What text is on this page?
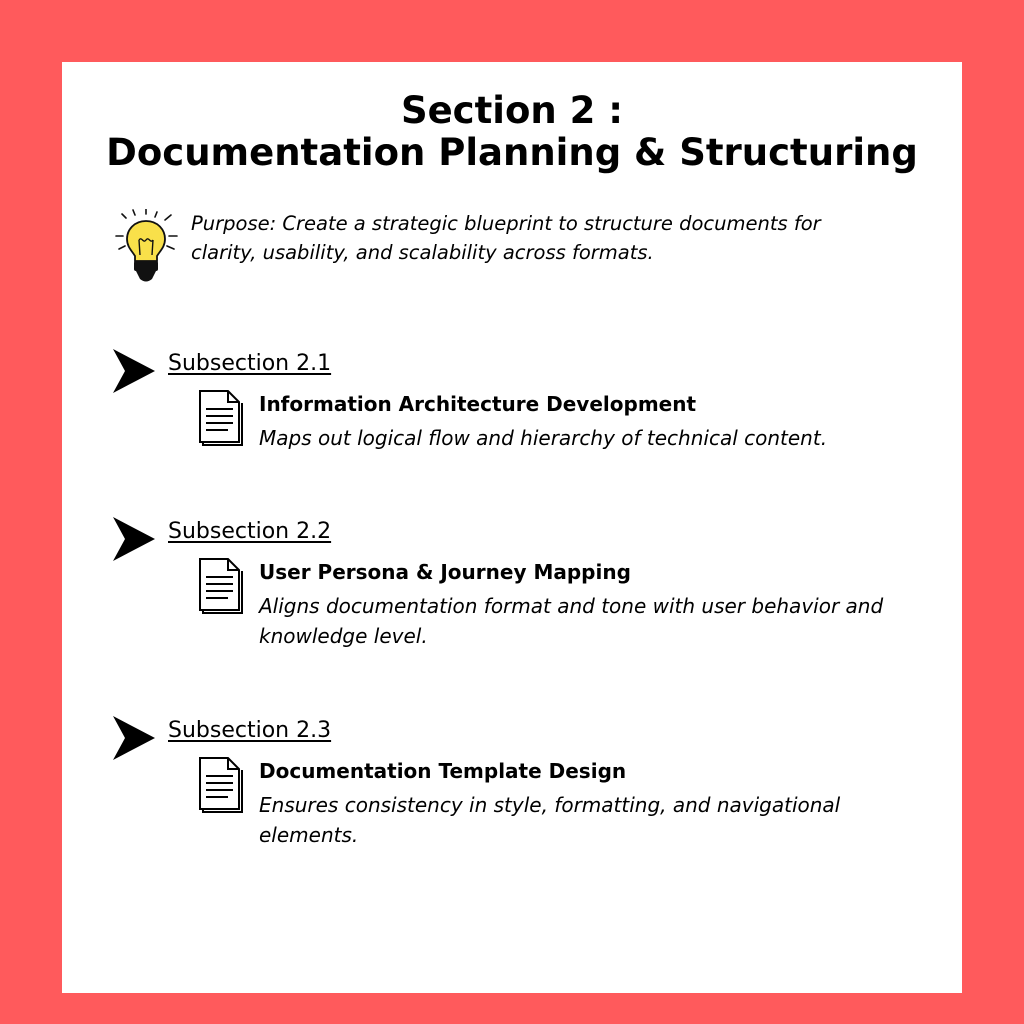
Section 2 :
Documentation Planning & Structuring

Purpose: Create a strategic blueprint to structure documents for clarity, usability, and scalability across formats.

Subsection 2.1
Information Architecture Development
Maps out logical flow and hierarchy of technical content.
Subsection 2.2
User Persona & Journey Mapping
Aligns documentation format and tone with user behavior and knowledge level.
Subsection 2.3
Documentation Template Design
Ensures consistency in style, formatting, and navigational elements.
